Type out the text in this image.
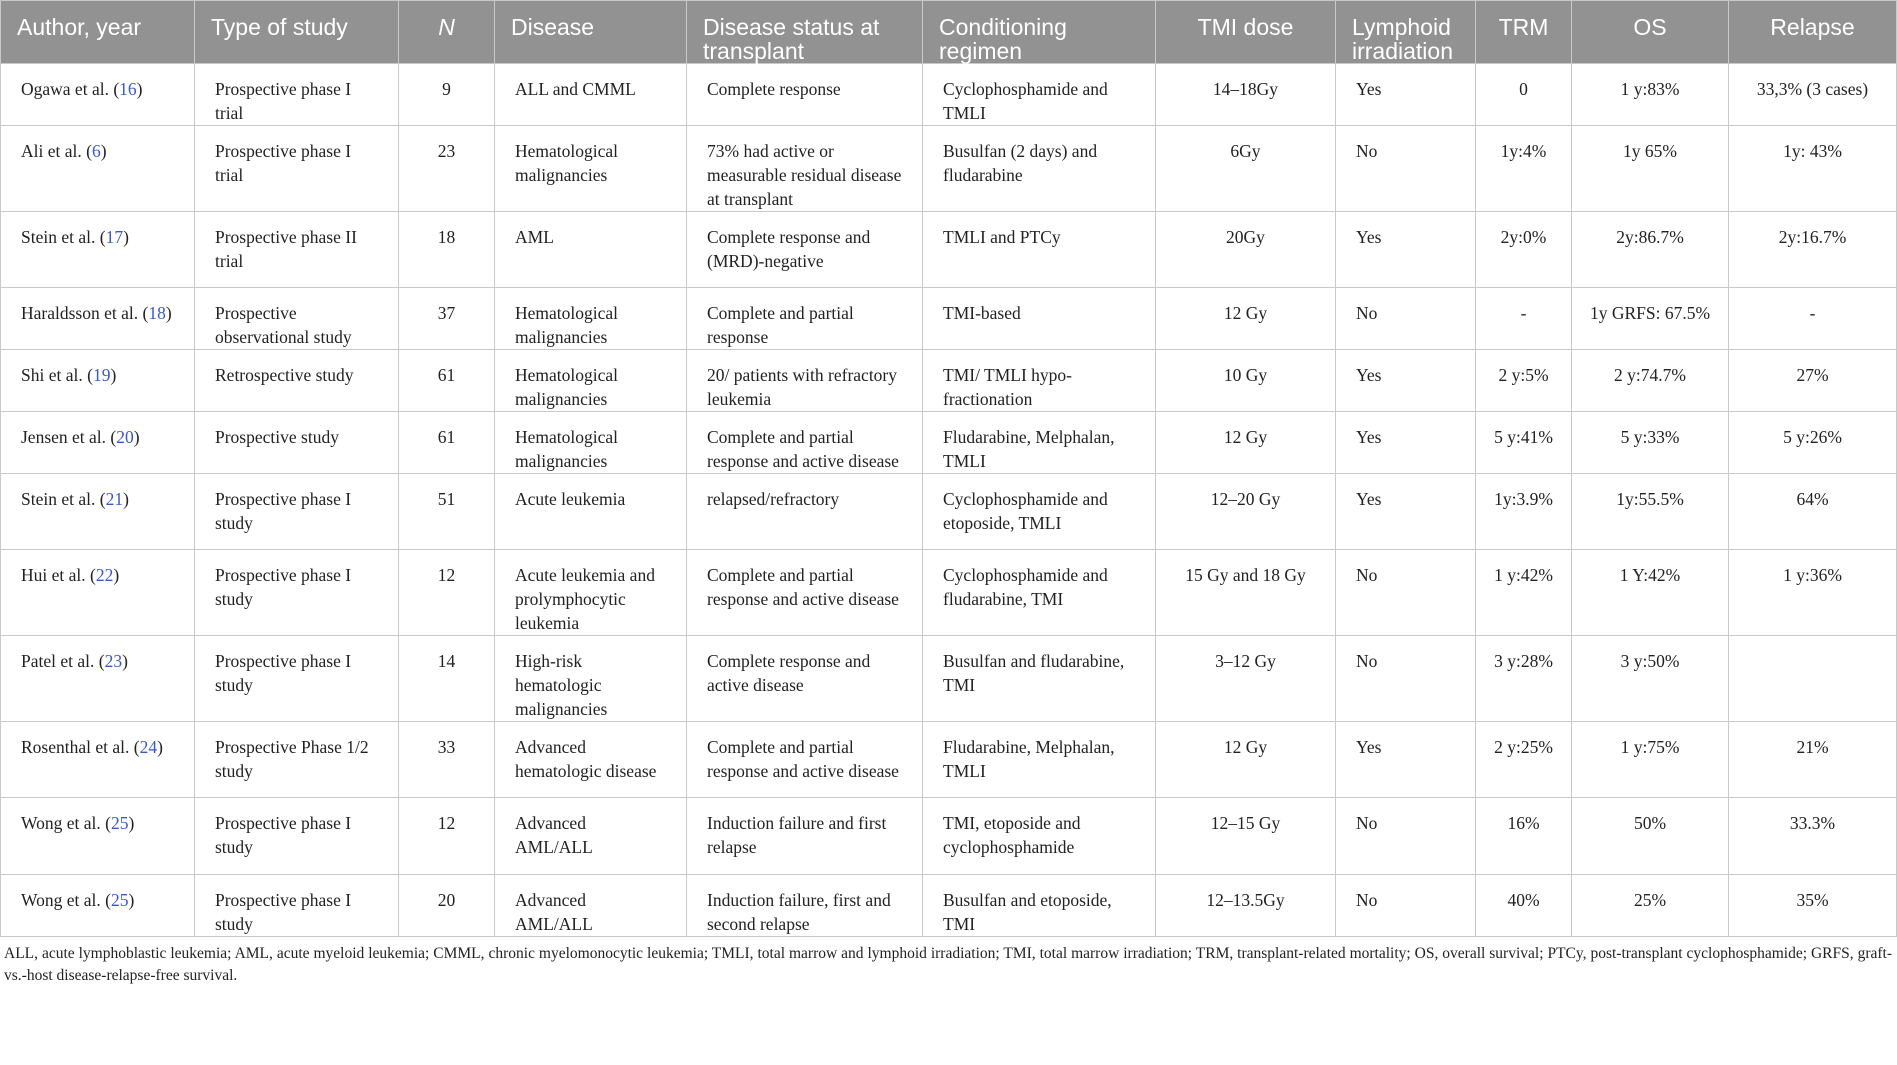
Author, year	Type of study	N	Disease	Disease status at transplant	Conditioning regimen	TMI dose	Lymphoid irradiation	TRM	OS	Relapse
Ogawa et al. (16)	Prospective phase I trial	9	ALL and CMML	Complete response	Cyclophosphamide and TMLI	14–18Gy	Yes	0	1 y:83%	33,3% (3 cases)
Ali et al. (6)	Prospective phase I trial	23	Hematological malignancies	73% had active or measurable residual disease at transplant	Busulfan (2 days) and fludarabine	6Gy	No	1y:4%	1y 65%	1y: 43%
Stein et al. (17)	Prospective phase II trial	18	AML	Complete response and (MRD)-negative	TMLI and PTCy	20Gy	Yes	2y:0%	2y:86.7%	2y:16.7%
Haraldsson et al. (18)	Prospective observational study	37	Hematological malignancies	Complete and partial response	TMI-based	12 Gy	No	-	1y GRFS: 67.5%	-
Shi et al. (19)	Retrospective study	61	Hematological malignancies	20/ patients with refractory leukemia	TMI/ TMLI hypo-fractionation	10 Gy	Yes	2 y:5%	2 y:74.7%	27%
Jensen et al. (20)	Prospective study	61	Hematological malignancies	Complete and partial response and active disease	Fludarabine, Melphalan, TMLI	12 Gy	Yes	5 y:41%	5 y:33%	5 y:26%
Stein et al. (21)	Prospective phase I study	51	Acute leukemia	relapsed/refractory	Cyclophosphamide and etoposide, TMLI	12–20 Gy	Yes	1y:3.9%	1y:55.5%	64%
Hui et al. (22)	Prospective phase I study	12	Acute leukemia and prolymphocytic leukemia	Complete and partial response and active disease	Cyclophosphamide and fludarabine, TMI	15 Gy and 18 Gy	No	1 y:42%	1 Y:42%	1 y:36%
Patel et al. (23)	Prospective phase I study	14	High-risk hematologic malignancies	Complete response and active disease	Busulfan and fludarabine, TMI	3–12 Gy	No	3 y:28%	3 y:50%	
Rosenthal et al. (24)	Prospective Phase 1/2 study	33	Advanced hematologic disease	Complete and partial response and active disease	Fludarabine, Melphalan, TMLI	12 Gy	Yes	2 y:25%	1 y:75%	21%
Wong et al. (25)	Prospective phase I study	12	Advanced AML/ALL	Induction failure and first relapse	TMI, etoposide and cyclophosphamide	12–15 Gy	No	16%	50%	33.3%
Wong et al. (25)	Prospective phase I study	20	Advanced AML/ALL	Induction failure, first and second relapse	Busulfan and etoposide, TMI	12–13.5Gy	No	40%	25%	35%
ALL, acute lymphoblastic leukemia; AML, acute myeloid leukemia; CMML, chronic myelomonocytic leukemia; TMLI, total marrow and lymphoid irradiation; TMI, total marrow irradiation; TRM, transplant-related mortality; OS, overall survival; PTCy, post-transplant cyclophosphamide; GRFS, graft-vs.-host disease-relapse-free survival.
